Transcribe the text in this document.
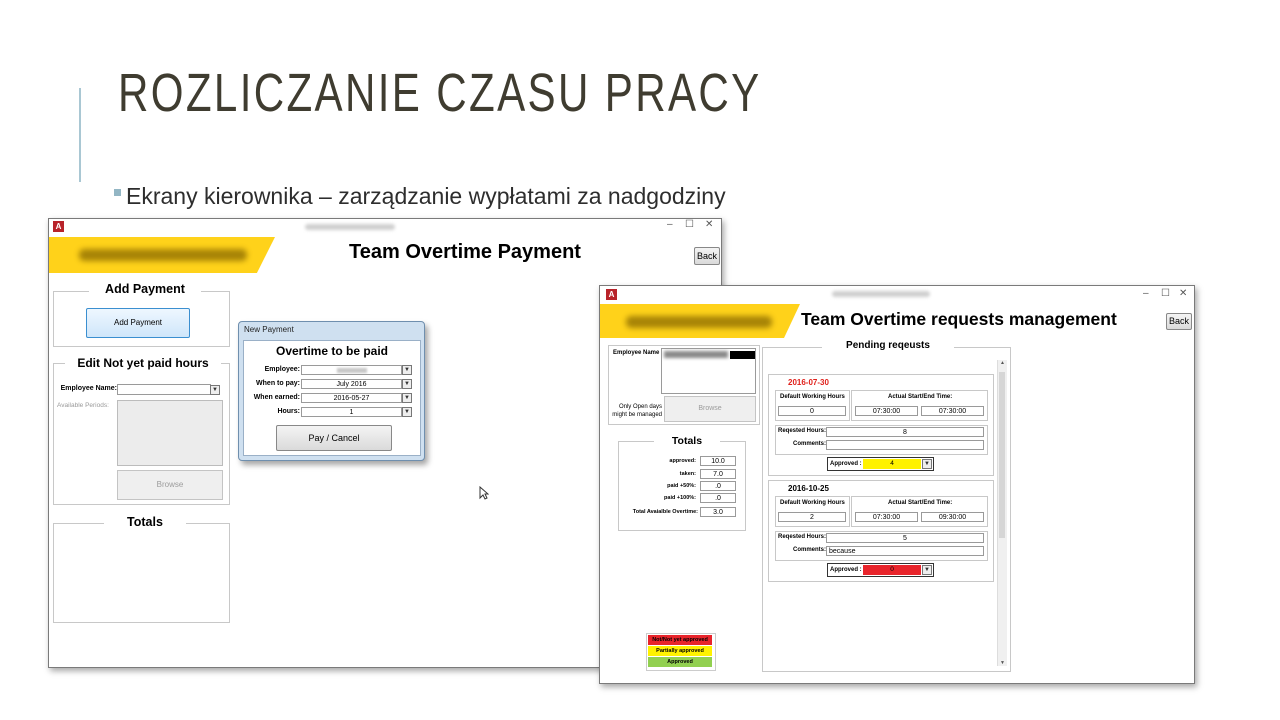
ROZLICZANIE CZASU PRACY
Ekrany kierownika – zarządzanie wypłatami za nadgodziny
A	– ☐ ✕
Team Overtime Payment	Back
Add Payment
Add Payment
Edit Not yet paid hours
Employee Name:	▼
Available Periods:
Browse
Totals
New Payment
Overtime to be paid
Employee:	▼
When to pay:	July 2016	▼
When earned:	2016-05-27	▼
Hours:	1	▼
Pay / Cancel
A	– ☐ ✕
Team Overtime requests management	Back
Employee Name
Only Open days might be managed
Browse
Totals
approved:	10.0
taken:	7.0
paid +50%:	.0
paid +100%:	.0
Total Avaialble Overtime:	3.0
Not/Not yet approved
Partially approved
Approved
Pending reqeusts
▲
▼
2016-07-30
Default Working Hours
0
Actual Start/End Time:
07:30:00	07:30:00
Reqested Hours:	8
Comments:
Approved :	4	▼
2016-10-25
Default Working Hours
2
Actual Start/End Time:
07:30:00	09:30:00
Reqested Hours:	5
Comments: because
Approved :	0	▼
